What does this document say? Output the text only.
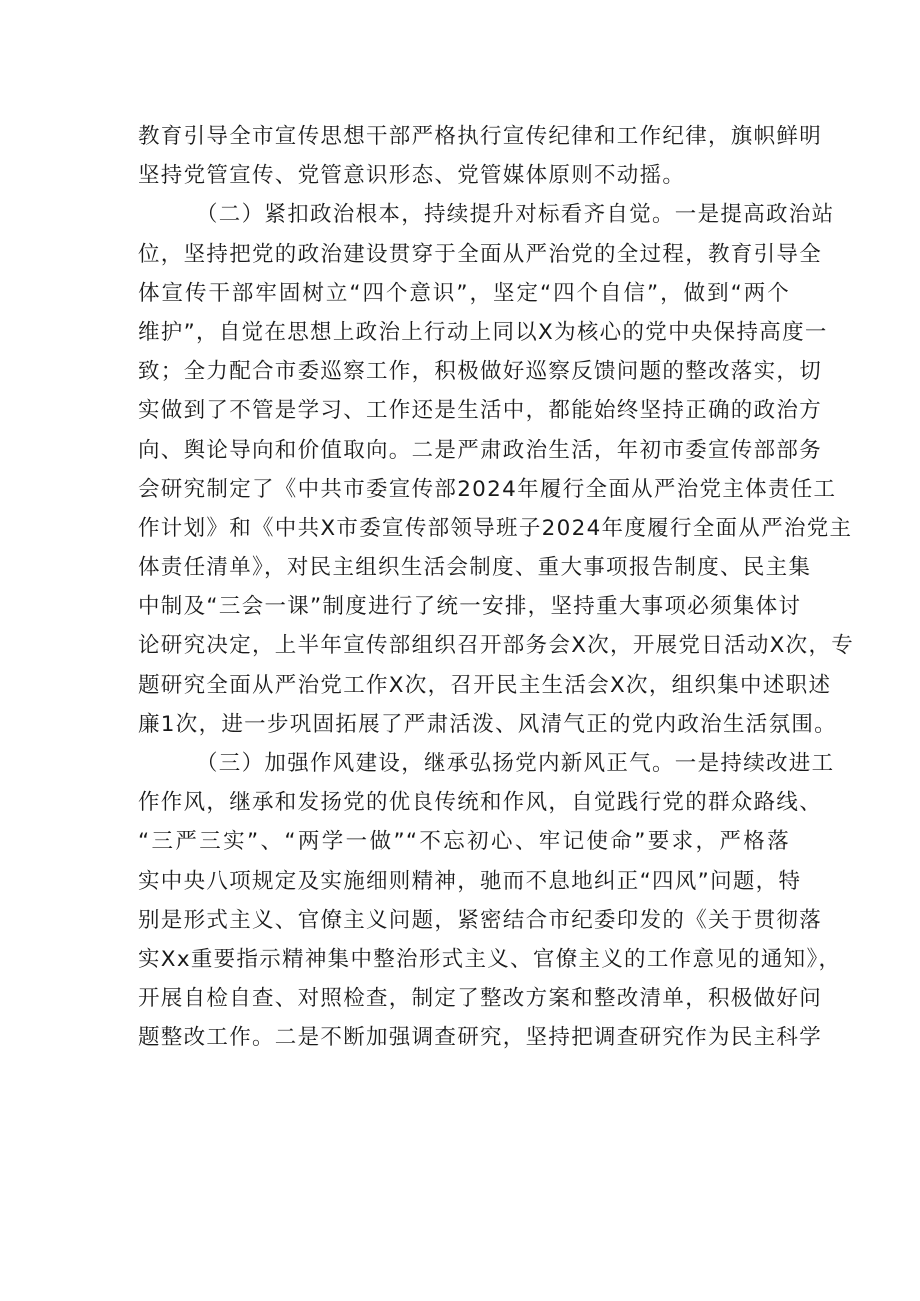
教育引导全市宣传思想干部严格执行宣传纪律和工作纪律，旗帜鲜明
坚持党管宣传、党管意识形态、党管媒体原则不动摇。
（二）紧扣政治根本，持续提升对标看齐自觉。一是提高政治站
位，坚持把党的政治建设贯穿于全面从严治党的全过程，教育引导全
体宣传干部牢固树立“四个意识”，坚定“四个自信”，做到“两个
维护”，自觉在思想上政治上行动上同以X为核心的党中央保持高度一
致；全力配合市委巡察工作，积极做好巡察反馈问题的整改落实，切
实做到了不管是学习、工作还是生活中，都能始终坚持正确的政治方
向、舆论导向和价值取向。二是严肃政治生活，年初市委宣传部部务
会研究制定了《中共市委宣传部2024年履行全面从严治党主体责任工
作计划》和《中共X市委宣传部领导班子2024年度履行全面从严治党主
体责任清单》，对民主组织生活会制度、重大事项报告制度、民主集
中制及“三会一课”制度进行了统一安排，坚持重大事项必须集体讨
论研究决定，上半年宣传部组织召开部务会X次，开展党日活动X次，专
题研究全面从严治党工作X次，召开民主生活会X次，组织集中述职述
廉1次，进一步巩固拓展了严肃活泼、风清气正的党内政治生活氛围。
（三）加强作风建设，继承弘扬党内新风正气。一是持续改进工
作作风，继承和发扬党的优良传统和作风，自觉践行党的群众路线、
“三严三实”、“两学一做”“不忘初心、牢记使命”要求，严格落
实中央八项规定及实施细则精神，驰而不息地纠正“四风”问题，特
别是形式主义、官僚主义问题，紧密结合市纪委印发的《关于贯彻落
实Xx重要指示精神集中整治形式主义、官僚主义的工作意见的通知》，
开展自检自查、对照检查，制定了整改方案和整改清单，积极做好问
题整改工作。二是不断加强调查研究，坚持把调查研究作为民主科学
